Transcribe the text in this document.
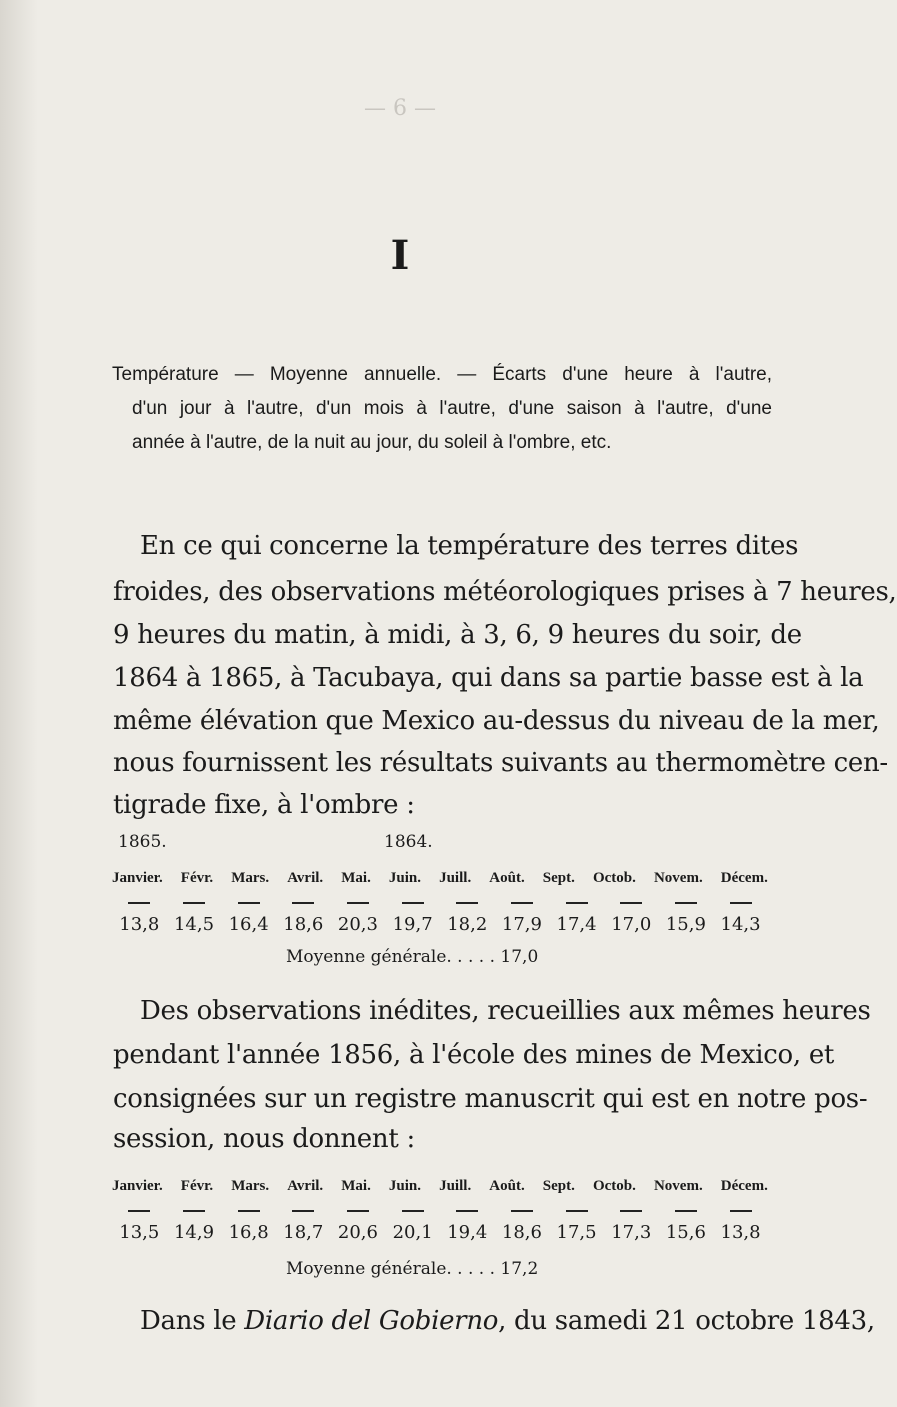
— 6 —
I
Température — Moyenne annuelle. — Écarts d'une heure à l'autre,
d'un jour à l'autre, d'un mois à l'autre, d'une saison à l'autre, d'une
année à l'autre, de la nuit au jour, du soleil à l'ombre, etc.
En ce qui concerne la température des terres dites
froides, des observations météorologiques prises à 7 heures,
9 heures du matin, à midi, à 3, 6, 9 heures du soir, de
1864 à 1865, à Tacubaya, qui dans sa partie basse est à la
même élévation que Mexico au-dessus du niveau de la mer,
nous fournissent les résultats suivants au thermomètre cen-
tigrade fixe, à l'ombre :
1865.	1864.
Janvier. Févr. Mars. Avril. Mai. Juin. Juill. Août. Sept. Octob. Novem. Décem.
13,8 14,5 16,4 18,6 20,3 19,7 18,2 17,9 17,4 17,0 15,9 14,3
Moyenne générale. . . . . 17,0
Des observations inédites, recueillies aux mêmes heures
pendant l'année 1856, à l'école des mines de Mexico, et
consignées sur un registre manuscrit qui est en notre pos-
session, nous donnent :
Janvier. Févr. Mars. Avril. Mai. Juin. Juill. Août. Sept. Octob. Novem. Décem.
13,5 14,9 16,8 18,7 20,6 20,1 19,4 18,6 17,5 17,3 15,6 13,8
Moyenne générale. . . . . 17,2
Dans le Diario del Gobierno, du samedi 21 octobre 1843,
